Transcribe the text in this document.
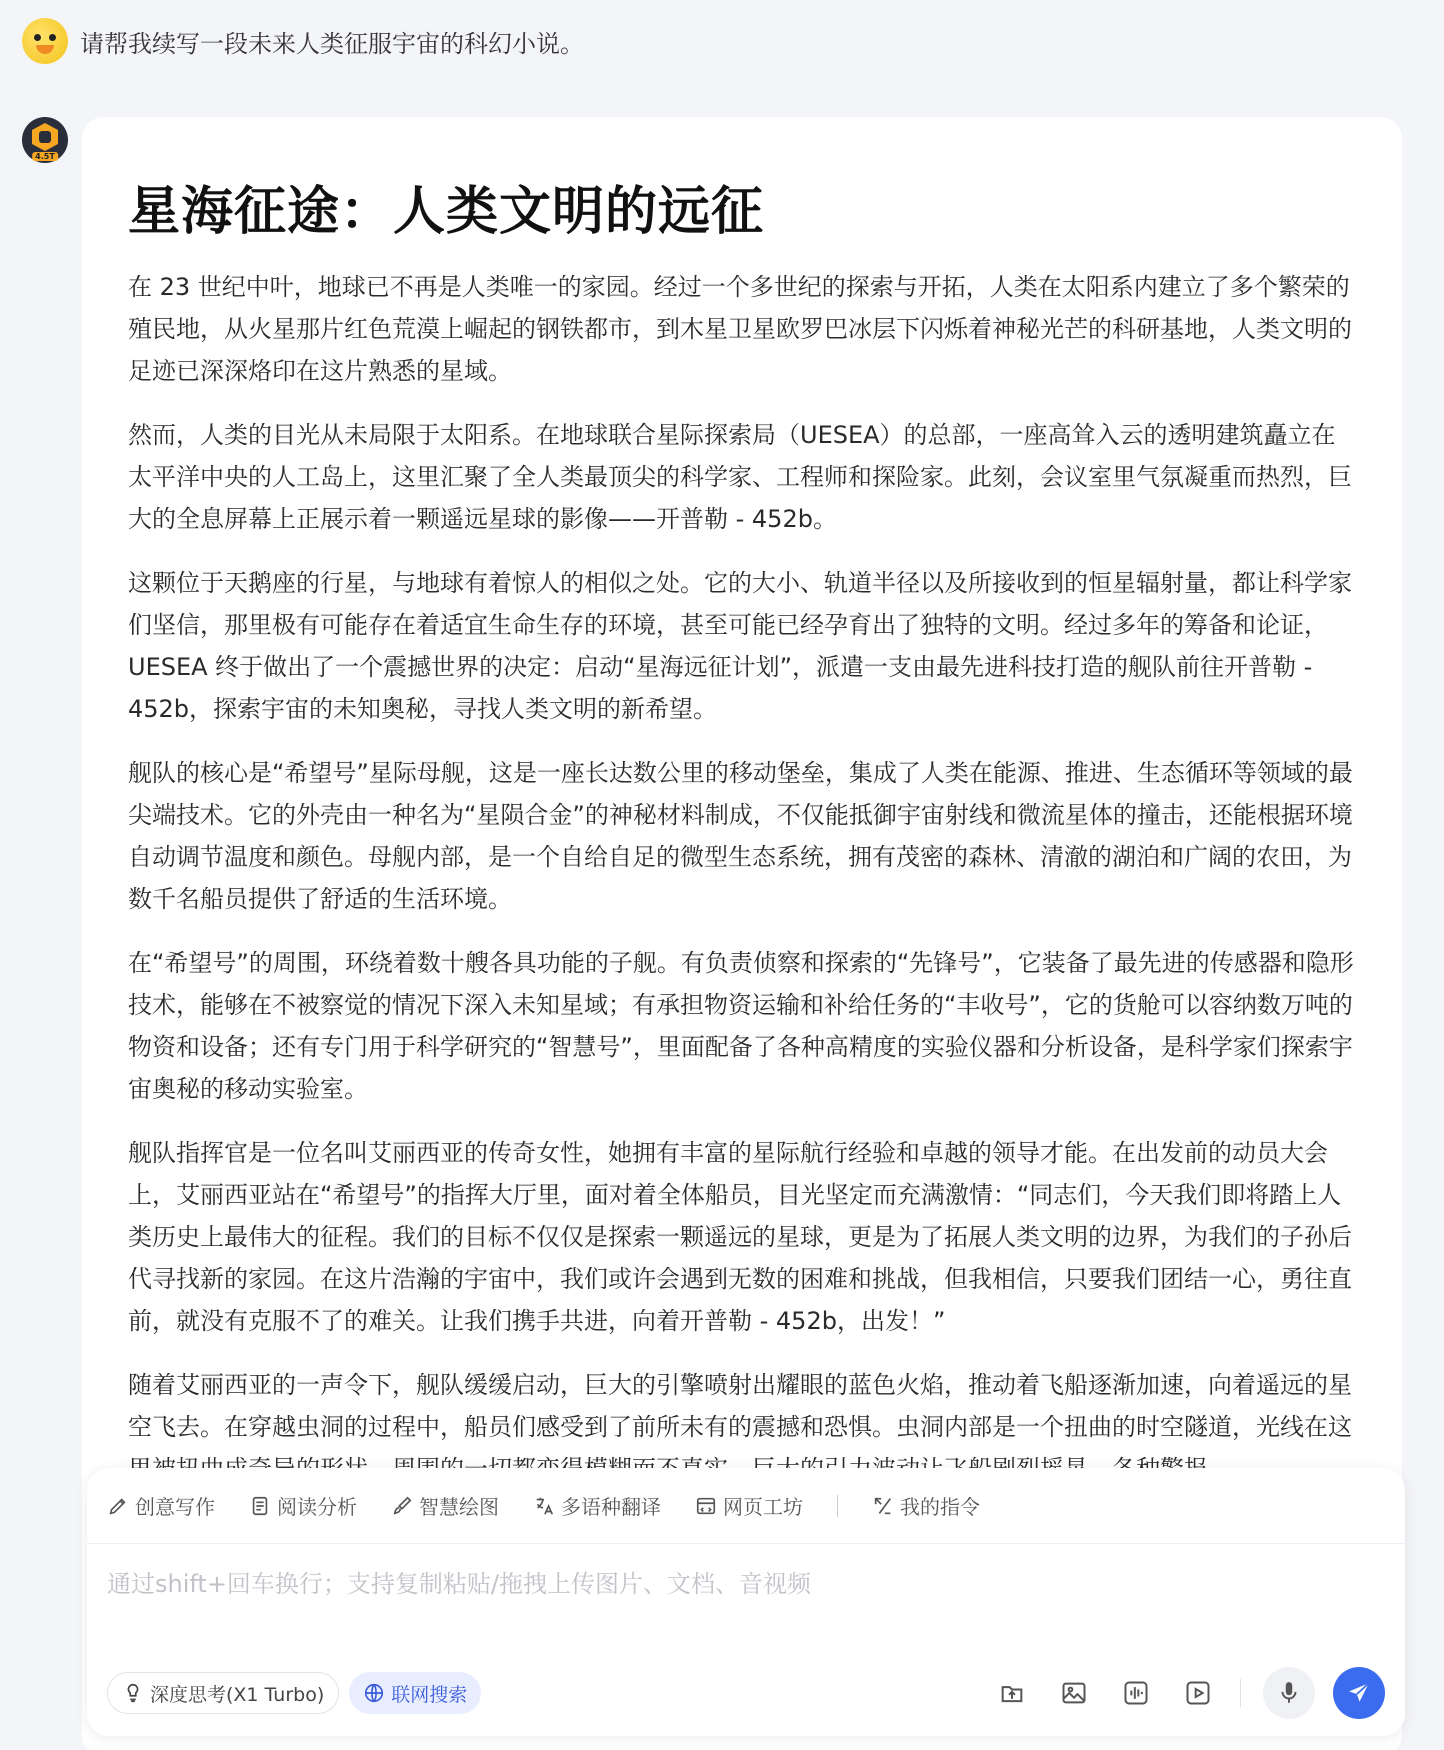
请帮我续写一段未来人类征服宇宙的科幻小说。
4.5T
星海征途：人类文明的远征

在 23 世纪中叶，地球已不再是人类唯一的家园。经过一个多世纪的探索与开拓，人类在太阳系内建立了多个繁荣的殖民地，从火星那片红色荒漠上崛起的钢铁都市，到木星卫星欧罗巴冰层下闪烁着神秘光芒的科研基地，人类文明的足迹已深深烙印在这片熟悉的星域。

然而，人类的目光从未局限于太阳系。在地球联合星际探索局（UESEA）的总部，一座高耸入云的透明建筑矗立在太平洋中央的人工岛上，这里汇聚了全人类最顶尖的科学家、工程师和探险家。此刻，会议室里气氛凝重而热烈，巨大的全息屏幕上正展示着一颗遥远星球的影像——开普勒 - 452b。

这颗位于天鹅座的行星，与地球有着惊人的相似之处。它的大小、轨道半径以及所接收到的恒星辐射量，都让科学家们坚信，那里极有可能存在着适宜生命生存的环境，甚至可能已经孕育出了独特的文明。经过多年的筹备和论证，UESEA 终于做出了一个震撼世界的决定：启动“星海远征计划”，派遣一支由最先进科技打造的舰队前往开普勒 - 452b，探索宇宙的未知奥秘，寻找人类文明的新希望。

舰队的核心是“希望号”星际母舰，这是一座长达数公里的移动堡垒，集成了人类在能源、推进、生态循环等领域的最尖端技术。它的外壳由一种名为“星陨合金”的神秘材料制成，不仅能抵御宇宙射线和微流星体的撞击，还能根据环境自动调节温度和颜色。母舰内部，是一个自给自足的微型生态系统，拥有茂密的森林、清澈的湖泊和广阔的农田，为数千名船员提供了舒适的生活环境。

在“希望号”的周围，环绕着数十艘各具功能的子舰。有负责侦察和探索的“先锋号”，它装备了最先进的传感器和隐形技术，能够在不被察觉的情况下深入未知星域；有承担物资运输和补给任务的“丰收号”，它的货舱可以容纳数万吨的物资和设备；还有专门用于科学研究的“智慧号”，里面配备了各种高精度的实验仪器和分析设备，是科学家们探索宇宙奥秘的移动实验室。

舰队指挥官是一位名叫艾丽西亚的传奇女性，她拥有丰富的星际航行经验和卓越的领导才能。在出发前的动员大会上，艾丽西亚站在“希望号”的指挥大厅里，面对着全体船员，目光坚定而充满激情：“同志们，今天我们即将踏上人类历史上最伟大的征程。我们的目标不仅仅是探索一颗遥远的星球，更是为了拓展人类文明的边界，为我们的子孙后代寻找新的家园。在这片浩瀚的宇宙中，我们或许会遇到无数的困难和挑战，但我相信，只要我们团结一心，勇往直前，就没有克服不了的难关。让我们携手共进，向着开普勒 - 452b，出发！”

随着艾丽西亚的一声令下，舰队缓缓启动，巨大的引擎喷射出耀眼的蓝色火焰，推动着飞船逐渐加速，向着遥远的星空飞去。在穿越虫洞的过程中，船员们感受到了前所未有的震撼和恐惧。虫洞内部是一个扭曲的时空隧道，光线在这

创意写作	阅读分析	智慧绘图	多语种翻译	网页工坊	我的指令
通过shift+回车换行；支持复制粘贴/拖拽上传图片、文档、音视频
深度思考(X1 Turbo)	联网搜索
